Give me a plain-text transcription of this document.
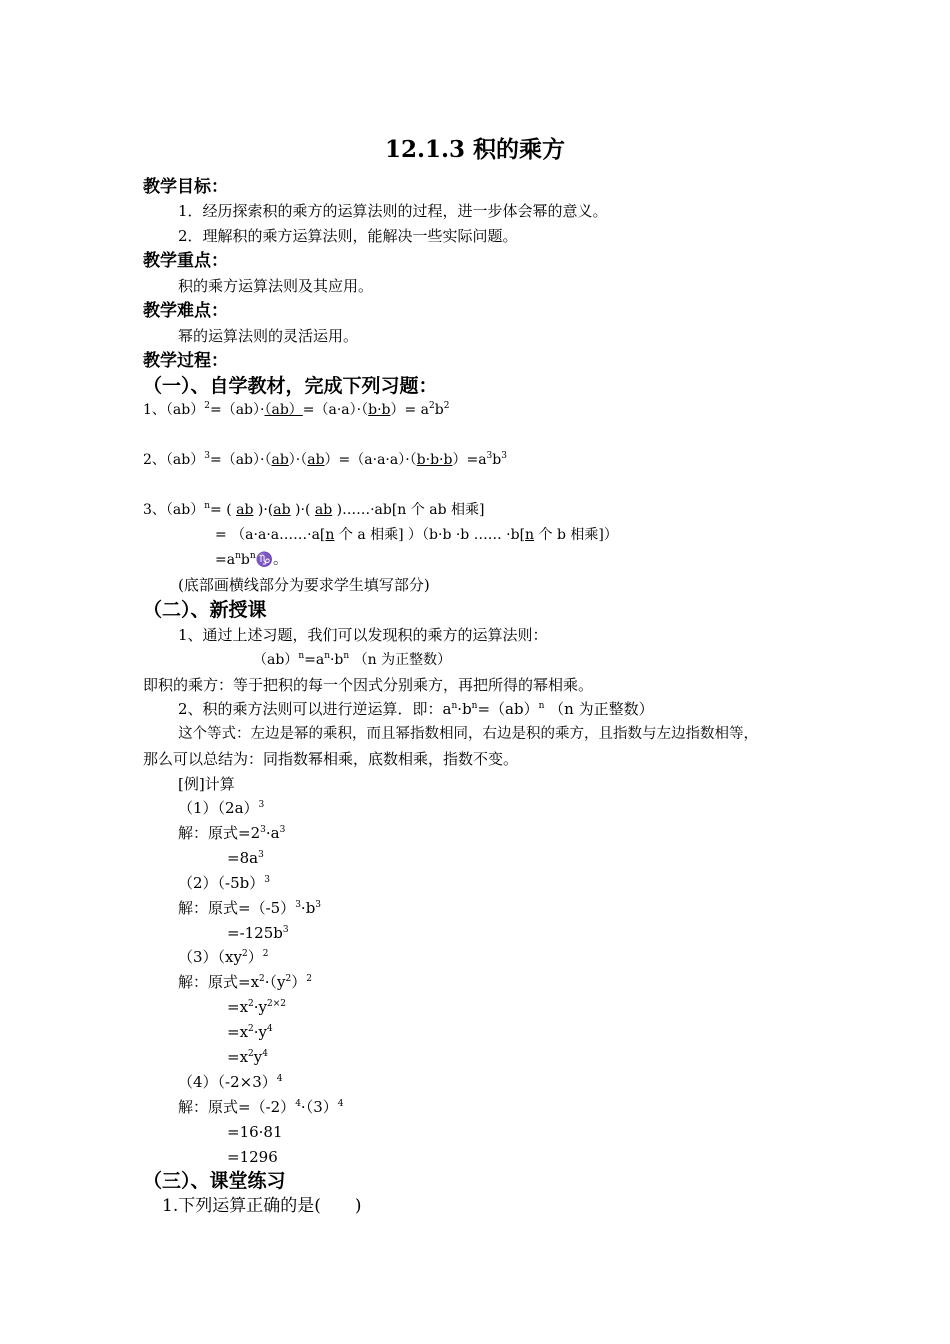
12.1.3 积的乘方
教学目标：
1．经历探索积的乘方的运算法则的过程，进一步体会幂的意义。
2．理解积的乘方运算法则，能解决一些实际问题。
教学重点：
积的乘方运算法则及其应用。
教学难点：
幂的运算法则的灵活运用。
教学过程：
（一）、自学教材，完成下列习题：
1、$(ab)^2=(ab)\cdot(ab)=(a\cdot a)\cdot(b\cdot b)= a^2b^2$
2、$(ab)^3=(ab)\cdot(ab)\cdot(ab)=(a\cdot a\cdot a)\cdot(b\cdot b\cdot b)=a^3b^3$
3、（ab）$^n$= ( ab )·(ab )·( ab )……·ab[n 个 ab 相乘]
= （a·a·a……·a[n 个 a 相乘] ）（b·b ·b …… ·b[n 个 b 相乘]）
$=a^nb^n♑$。
(底部画横线部分为要求学生填写部分)
（二）、新授课
1、通过上述习题，我们可以发现积的乘方的运算法则：
$(ab)^n=a^n\cdot b^n$ （n 为正整数）
即积的乘方：等于把积的每一个因式分别乘方，再把所得的幂相乘。
2、积的乘方法则可以进行逆运算．即：$a^n\cdot b^n=(ab)^n$ （n 为正整数）
这个等式：左边是幂的乘积，而且幂指数相同，右边是积的乘方，且指数与左边指数相等，
那么可以总结为：同指数幂相乘，底数相乘，指数不变。
[例]计算
$(1)(2a)^3$
解：原式$=2^3\cdot a^3$
$=8a^3$
$(2)(-5b)^3$
解：原式$=(-5)^3\cdot b^3$
$=-125b^3$
$(3)(xy^2)^2$
解：原式$=x^2\cdot(y^2)^2$
$=x^2\cdot y^{2\times 2}$
$=x^2\cdot y^4$
$=x^2y^4$
$(4)(-2\times 3)^4$
解：原式$=(-2)^4\cdot(3)^4$
=16·81
=1296
（三）、课堂练习
1.下列运算正确的是(　　)
